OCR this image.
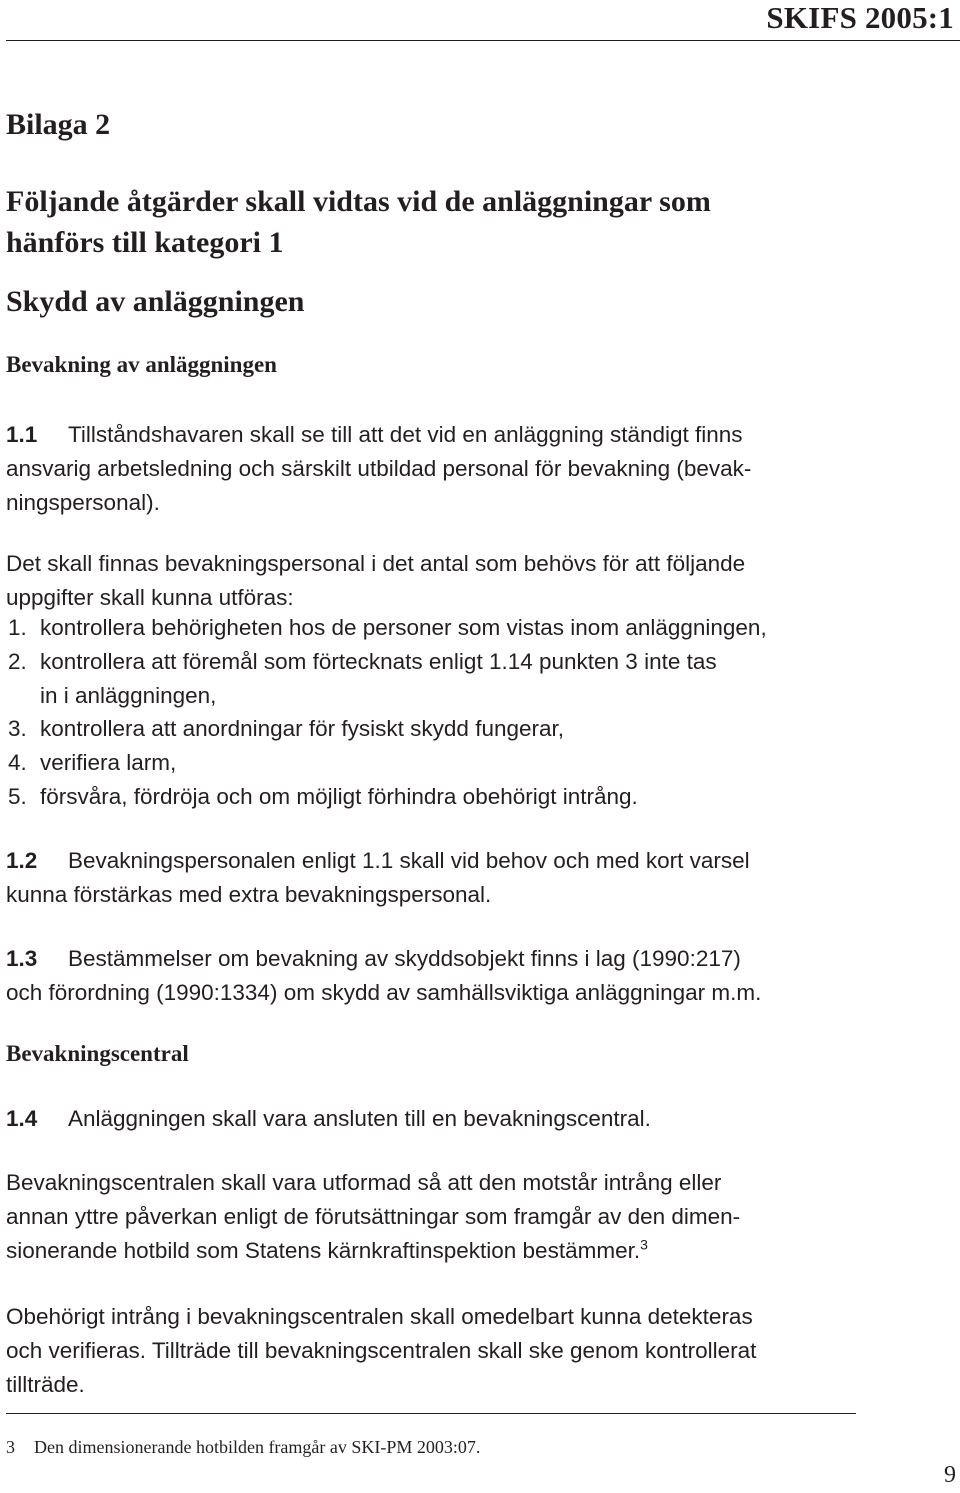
SKIFS 2005:1
Bilaga 2
Följande åtgärder skall vidtas vid de anläggningar som
hänförs till kategori 1
Skydd av anläggningen
Bevakning av anläggningen
1.1 Tillståndshavaren skall se till att det vid en anläggning ständigt finns
ansvarig arbetsledning och särskilt utbildad personal för bevakning (bevak-
ningspersonal).
Det skall finnas bevakningspersonal i det antal som behövs för att följande
uppgifter skall kunna utföras:
1. kontrollera behörigheten hos de personer som vistas inom anläggningen,
2. kontrollera att föremål som förtecknats enligt 1.14 punkten 3 inte tas
in i anläggningen,
3. kontrollera att anordningar för fysiskt skydd fungerar,
4. verifiera larm,
5. försvåra, fördröja och om möjligt förhindra obehörigt intrång.
1.2 Bevakningspersonalen enligt 1.1 skall vid behov och med kort varsel
kunna förstärkas med extra bevakningspersonal.
1.3 Bestämmelser om bevakning av skyddsobjekt finns i lag (1990:217)
och förordning (1990:1334) om skydd av samhällsviktiga anläggningar m.m.
Bevakningscentral
1.4 Anläggningen skall vara ansluten till en bevakningscentral.
Bevakningscentralen skall vara utformad så att den motstår intrång eller
annan yttre påverkan enligt de förutsättningar som framgår av den dimen-
sionerande hotbild som Statens kärnkraftinspektion bestämmer.$^3$
Obehörigt intrång i bevakningscentralen skall omedelbart kunna detekteras
och verifieras. Tillträde till bevakningscentralen skall ske genom kontrollerat
tillträde.
3 Den dimensionerande hotbilden framgår av SKI-PM 2003:07.
9
